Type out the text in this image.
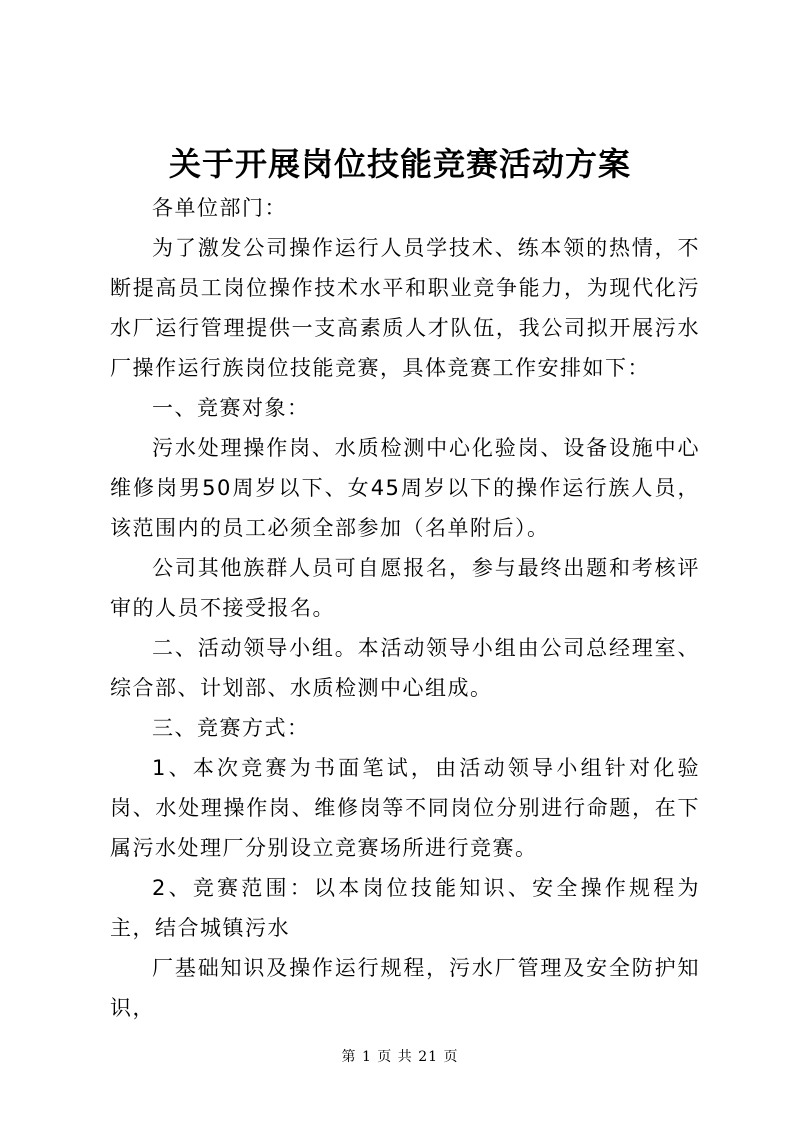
关于开展岗位技能竞赛活动方案

各单位部门：

为了激发公司操作运行人员学技术、练本领的热情，不断提高员工岗位操作技术水平和职业竞争能力，为现代化污水厂运行管理提供一支高素质人才队伍，我公司拟开展污水厂操作运行族岗位技能竞赛，具体竞赛工作安排如下：

一、竞赛对象：

污水处理操作岗、水质检测中心化验岗、设备设施中心维修岗男50周岁以下、女45周岁以下的操作运行族人员，该范围内的员工必须全部参加（名单附后）。

公司其他族群人员可自愿报名，参与最终出题和考核评审的人员不接受报名。

二、活动领导小组。本活动领导小组由公司总经理室、综合部、计划部、水质检测中心组成。

三、竞赛方式：

1、本次竞赛为书面笔试，由活动领导小组针对化验岗、水处理操作岗、维修岗等不同岗位分别进行命题，在下属污水处理厂分别设立竞赛场所进行竞赛。

2、竞赛范围：以本岗位技能知识、安全操作规程为主，结合城镇污水

厂基础知识及操作运行规程，污水厂管理及安全防护知识，

第 1 页 共 21 页
